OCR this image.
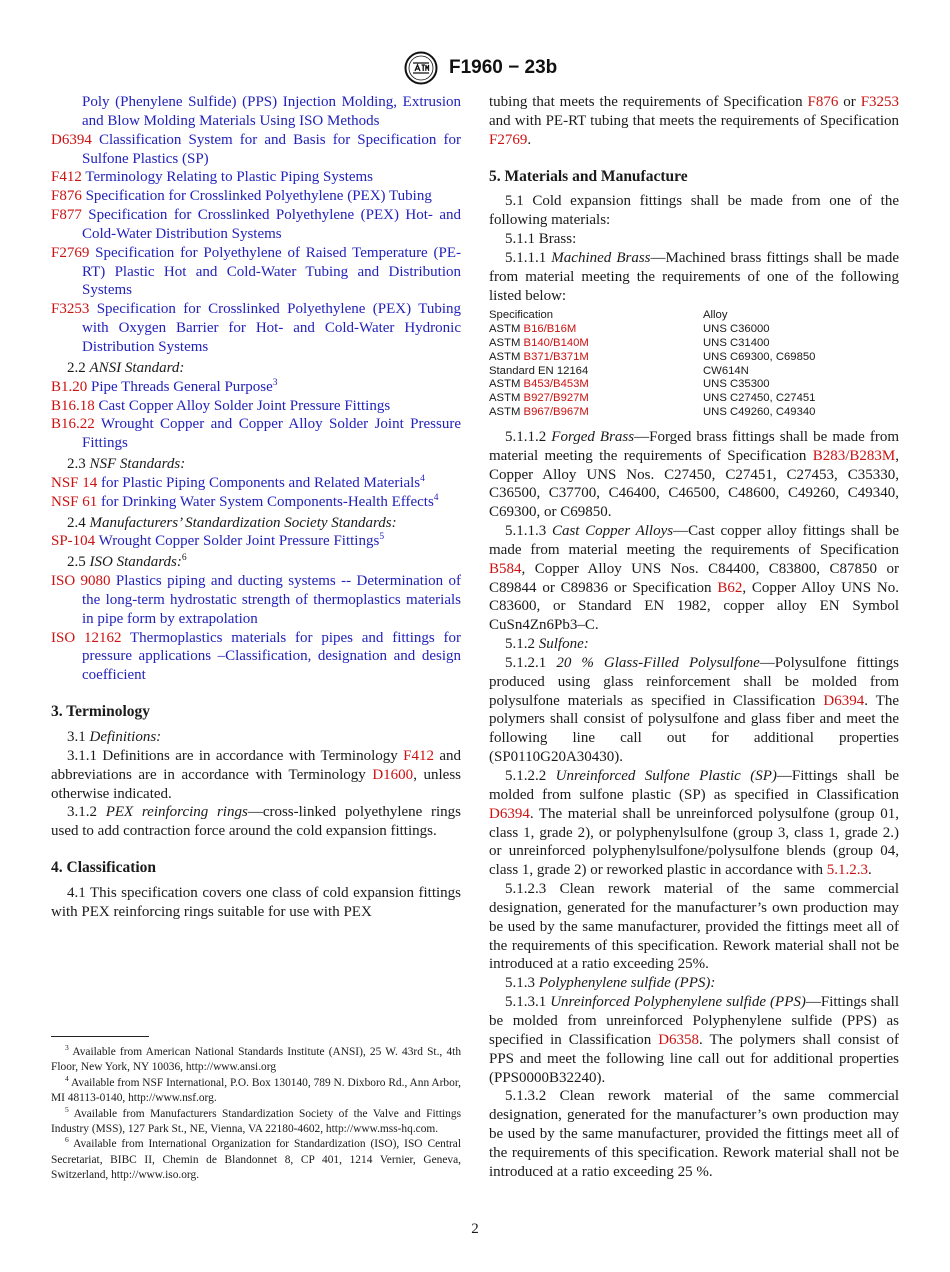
F1960 − 23b
Poly (Phenylene Sulfide) (PPS) Injection Molding, Extrusion and Blow Molding Materials Using ISO Methods
D6394 Classification System for and Basis for Specification for Sulfone Plastics (SP)
F412 Terminology Relating to Plastic Piping Systems
F876 Specification for Crosslinked Polyethylene (PEX) Tubing
F877 Specification for Crosslinked Polyethylene (PEX) Hot- and Cold-Water Distribution Systems
F2769 Specification for Polyethylene of Raised Temperature (PE-RT) Plastic Hot and Cold-Water Tubing and Distribution Systems
F3253 Specification for Crosslinked Polyethylene (PEX) Tubing with Oxygen Barrier for Hot- and Cold-Water Hydronic Distribution Systems
2.2 ANSI Standard:
B1.20 Pipe Threads General Purpose$^3$
B16.18 Cast Copper Alloy Solder Joint Pressure Fittings
B16.22 Wrought Copper and Copper Alloy Solder Joint Pressure Fittings
2.3 NSF Standards:
NSF 14 for Plastic Piping Components and Related Materials$^4$
NSF 61 for Drinking Water System Components-Health Effects$^4$
2.4 Manufacturers’ Standardization Society Standards:
SP-104 Wrought Copper Solder Joint Pressure Fittings$^5$
2.5 ISO Standards:$^6$
ISO 9080 Plastics piping and ducting systems -- Determination of the long-term hydrostatic strength of thermoplastics materials in pipe form by extrapolation
ISO 12162 Thermoplastics materials for pipes and fittings for pressure applications –Classification, designation and design coefficient
3. Terminology
3.1 Definitions:
3.1.1 Definitions are in accordance with Terminology F412 and abbreviations are in accordance with Terminology D1600, unless otherwise indicated.
3.1.2 PEX reinforcing rings—cross-linked polyethylene rings used to add contraction force around the cold expansion fittings.
4. Classification
4.1 This specification covers one class of cold expansion fittings with PEX reinforcing rings suitable for use with PEX
$^3$ Available from American National Standards Institute (ANSI), 25 W. 43rd St., 4th Floor, New York, NY 10036, http://www.ansi.org
$^4$ Available from NSF International, P.O. Box 130140, 789 N. Dixboro Rd., Ann Arbor, MI 48113-0140, http://www.nsf.org.
$^5$ Available from Manufacturers Standardization Society of the Valve and Fittings Industry (MSS), 127 Park St., NE, Vienna, VA 22180-4602, http://www.mss-hq.com.
$^6$ Available from International Organization for Standardization (ISO), ISO Central Secretariat, BIBC II, Chemin de Blandonnet 8, CP 401, 1214 Vernier, Geneva, Switzerland, http://www.iso.org.
tubing that meets the requirements of Specification F876 or F3253 and with PE-RT tubing that meets the requirements of Specification F2769.
5. Materials and Manufacture
5.1 Cold expansion fittings shall be made from one of the following materials:
5.1.1 Brass:
5.1.1.1 Machined Brass—Machined brass fittings shall be made from material meeting the requirements of one of the following listed below:
Specification	Alloy
ASTM B16/B16M	UNS C36000
ASTM B140/B140M	UNS C31400
ASTM B371/B371M	UNS C69300, C69850
Standard EN 12164	CW614N
ASTM B453/B453M	UNS C35300
ASTM B927/B927M	UNS C27450, C27451
ASTM B967/B967M	UNS C49260, C49340
5.1.1.2 Forged Brass—Forged brass fittings shall be made from material meeting the requirements of Specification B283/B283M, Copper Alloy UNS Nos. C27450, C27451, C27453, C35330, C36500, C37700, C46400, C46500, C48600, C49260, C49340, C69300, or C69850.
5.1.1.3 Cast Copper Alloys—Cast copper alloy fittings shall be made from material meeting the requirements of Specification B584, Copper Alloy UNS Nos. C84400, C83800, C87850 or C89844 or C89836 or Specification B62, Copper Alloy UNS No. C83600, or Standard EN 1982, copper alloy EN Symbol CuSn4Zn6Pb3–C.
5.1.2 Sulfone:
5.1.2.1 20 % Glass-Filled Polysulfone—Polysulfone fittings produced using glass reinforcement shall be molded from polysulfone materials as specified in Classification D6394. The polymers shall consist of polysulfone and glass fiber and meet the following line call out for additional properties (SP0110G20A30430).
5.1.2.2 Unreinforced Sulfone Plastic (SP)—Fittings shall be molded from sulfone plastic (SP) as specified in Classification D6394. The material shall be unreinforced polysulfone (group 01, class 1, grade 2), or polyphenylsulfone (group 3, class 1, grade 2.) or unreinforced polyphenylsulfone/polysulfone blends (group 04, class 1, grade 2) or reworked plastic in accordance with 5.1.2.3.
5.1.2.3 Clean rework material of the same commercial designation, generated for the manufacturer’s own production may be used by the same manufacturer, provided the fittings meet all of the requirements of this specification. Rework material shall not be introduced at a ratio exceeding 25%.
5.1.3 Polyphenylene sulfide (PPS):
5.1.3.1 Unreinforced Polyphenylene sulfide (PPS)—Fittings shall be molded from unreinforced Polyphenylene sulfide (PPS) as specified in Classification D6358. The polymers shall consist of PPS and meet the following line call out for additional properties (PPS0000B32240).
5.1.3.2 Clean rework material of the same commercial designation, generated for the manufacturer’s own production may be used by the same manufacturer, provided the fittings meet all of the requirements of this specification. Rework material shall not be introduced at a ratio exceeding 25 %.
2
